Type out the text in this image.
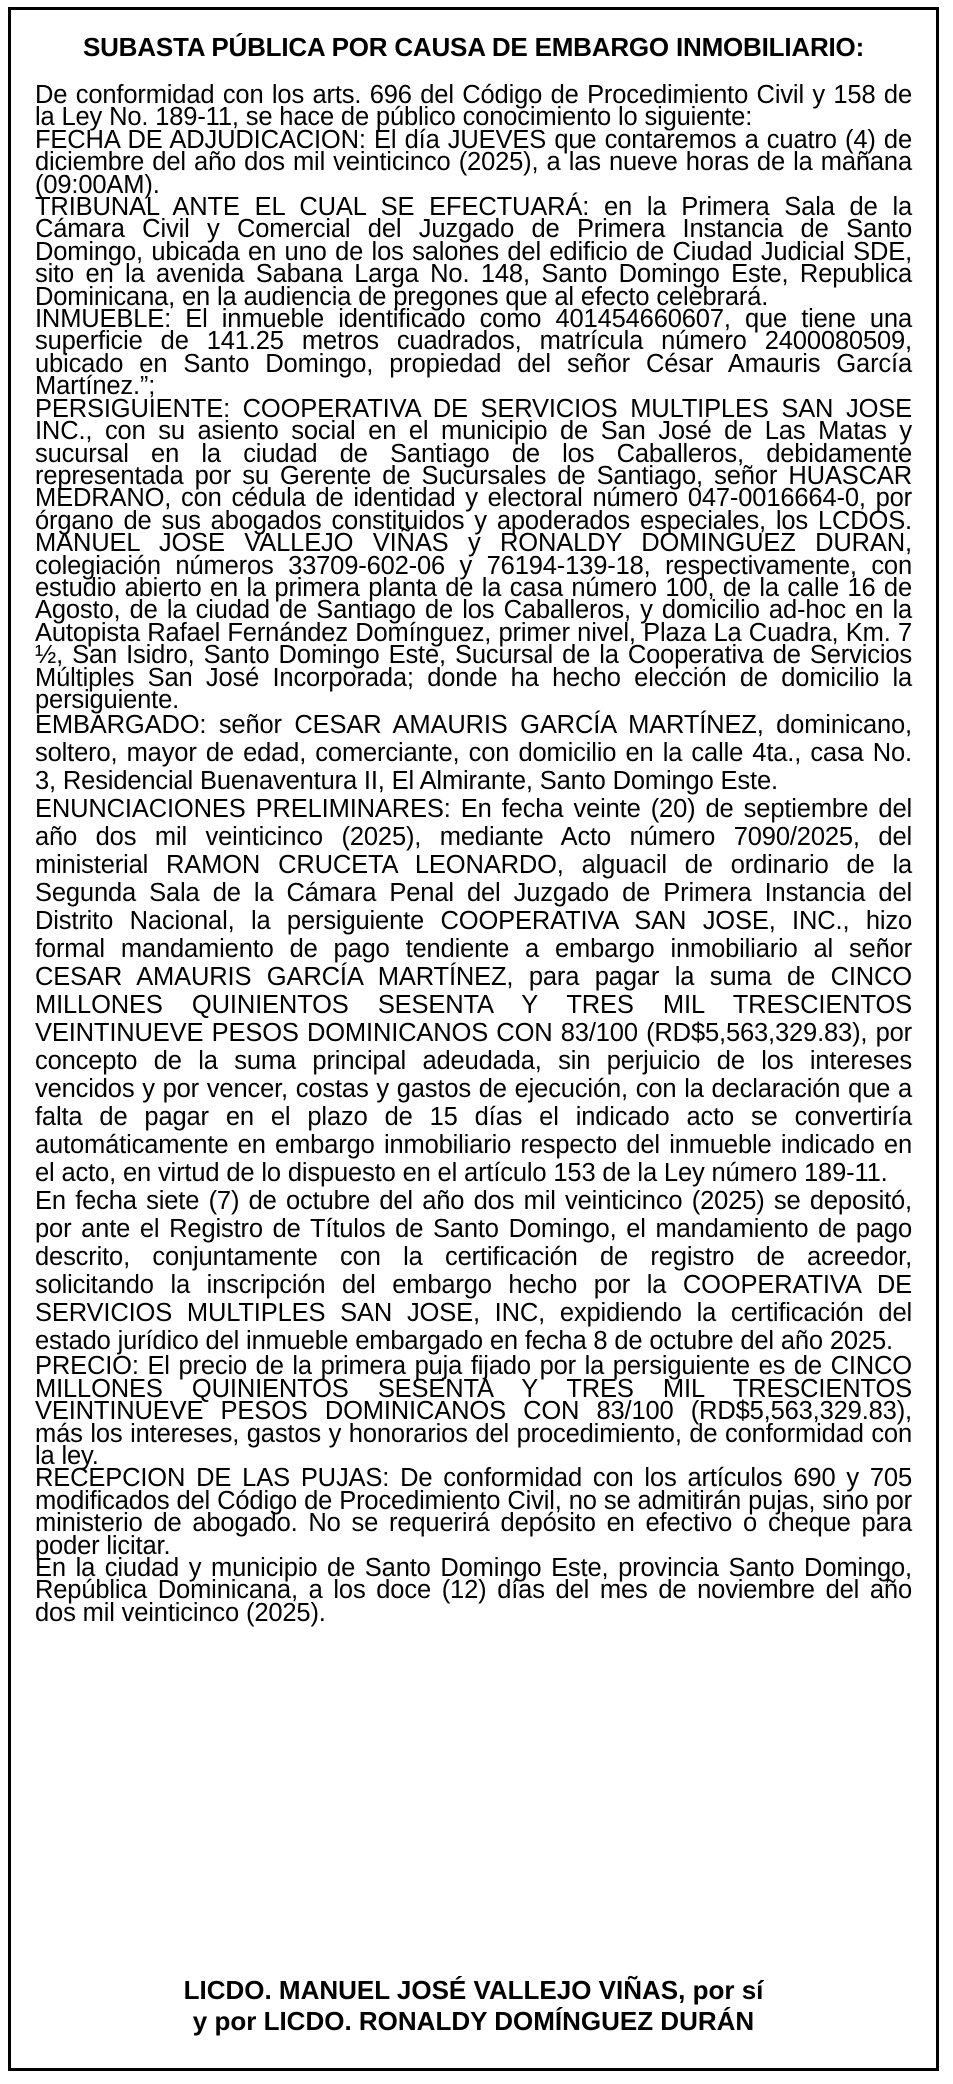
SUBASTA PÚBLICA POR CAUSA DE EMBARGO INMOBILIARIO:

De conformidad con los arts. 696 del Código de Procedimiento Civil y 158 de la Ley No. 189-11, se hace de público conocimiento lo siguiente:

FECHA DE ADJUDICACION: El día JUEVES que contaremos a cuatro (4) de diciembre del año dos mil veinticinco (2025), a las nueve horas de la mañana (09:00AM).

TRIBUNAL ANTE EL CUAL SE EFECTUARÁ: en la Primera Sala de la Cámara Civil y Comercial del Juzgado de Primera Instancia de Santo Domingo, ubicada en uno de los salones del edificio de Ciudad Judicial SDE, sito en la avenida Sabana Larga No. 148, Santo Domingo Este, Republica Dominicana, en la audiencia de pregones que al efecto celebrará.

INMUEBLE: El inmueble identificado como 401454660607, que tiene una superficie de 141.25 metros cuadrados, matrícula número 2400080509, ubicado en Santo Domingo, propiedad del señor César Amauris García Martínez.”;

PERSIGUIENTE: COOPERATIVA DE SERVICIOS MULTIPLES SAN JOSE INC., con su asiento social en el municipio de San José de Las Matas y sucursal en la ciudad de Santiago de los Caballeros, debidamente representada por su Gerente de Sucursales de Santiago, señor HUASCAR MEDRANO, con cédula de identidad y electoral número 047-0016664-0, por órgano de sus abogados constituidos y apoderados especiales, los LCDOS. MANUEL JOSE VALLEJO VIÑAS y RONALDY DOMINGUEZ DURAN, colegiación números 33709-602-06 y 76194-139-18, respectivamente, con estudio abierto en la primera planta de la casa número 100, de la calle 16 de Agosto, de la ciudad de Santiago de los Caballeros, y domicilio ad-hoc en la Autopista Rafael Fernández Domínguez, primer nivel, Plaza La Cuadra, Km. 7 ½, San Isidro, Santo Domingo Este, Sucursal de la Cooperativa de Servicios Múltiples San José Incorporada; donde ha hecho elección de domicilio la persiguiente.

EMBARGADO: señor CESAR AMAURIS GARCÍA MARTÍNEZ, dominicano, soltero, mayor de edad, comerciante, con domicilio en la calle 4ta., casa No. 3, Residencial Buenaventura II, El Almirante, Santo Domingo Este.

ENUNCIACIONES PRELIMINARES: En fecha veinte (20) de septiembre del año dos mil veinticinco (2025), mediante Acto número 7090/2025, del ministerial RAMON CRUCETA LEONARDO, alguacil de ordinario de la Segunda Sala de la Cámara Penal del Juzgado de Primera Instancia del Distrito Nacional, la persiguiente COOPERATIVA SAN JOSE, INC., hizo formal mandamiento de pago tendiente a embargo inmobiliario al señor CESAR AMAURIS GARCÍA MARTÍNEZ, para pagar la suma de CINCO MILLONES QUINIENTOS SESENTA Y TRES MIL TRESCIENTOS VEINTINUEVE PESOS DOMINICANOS CON 83/100 (RD$5,563,329.83), por concepto de la suma principal adeudada, sin perjuicio de los intereses vencidos y por vencer, costas y gastos de ejecución, con la declaración que a falta de pagar en el plazo de 15 días el indicado acto se convertiría automáticamente en embargo inmobiliario respecto del inmueble indicado en el acto, en virtud de lo dispuesto en el artículo 153 de la Ley número 189-11.

En fecha siete (7) de octubre del año dos mil veinticinco (2025) se depositó, por ante el Registro de Títulos de Santo Domingo, el mandamiento de pago descrito, conjuntamente con la certificación de registro de acreedor, solicitando la inscripción del embargo hecho por la COOPERATIVA DE SERVICIOS MULTIPLES SAN JOSE, INC, expidiendo la certificación del estado jurídico del inmueble embargado en fecha 8 de octubre del año 2025.

PRECIO: El precio de la primera puja fijado por la persiguiente es de CINCO MILLONES QUINIENTOS SESENTA Y TRES MIL TRESCIENTOS VEINTINUEVE PESOS DOMINICANOS CON 83/100 (RD$5,563,329.83), más los intereses, gastos y honorarios del procedimiento, de conformidad con la ley.

RECEPCION DE LAS PUJAS: De conformidad con los artículos 690 y 705 modificados del Código de Procedimiento Civil, no se admitirán pujas, sino por ministerio de abogado. No se requerirá depósito en efectivo o cheque para poder licitar.

En la ciudad y municipio de Santo Domingo Este, provincia Santo Domingo, República Dominicana, a los doce (12) días del mes de noviembre del año dos mil veinticinco (2025).

LICDO. MANUEL JOSÉ VALLEJO VIÑAS, por sí
y por LICDO. RONALDY DOMÍNGUEZ DURÁN
